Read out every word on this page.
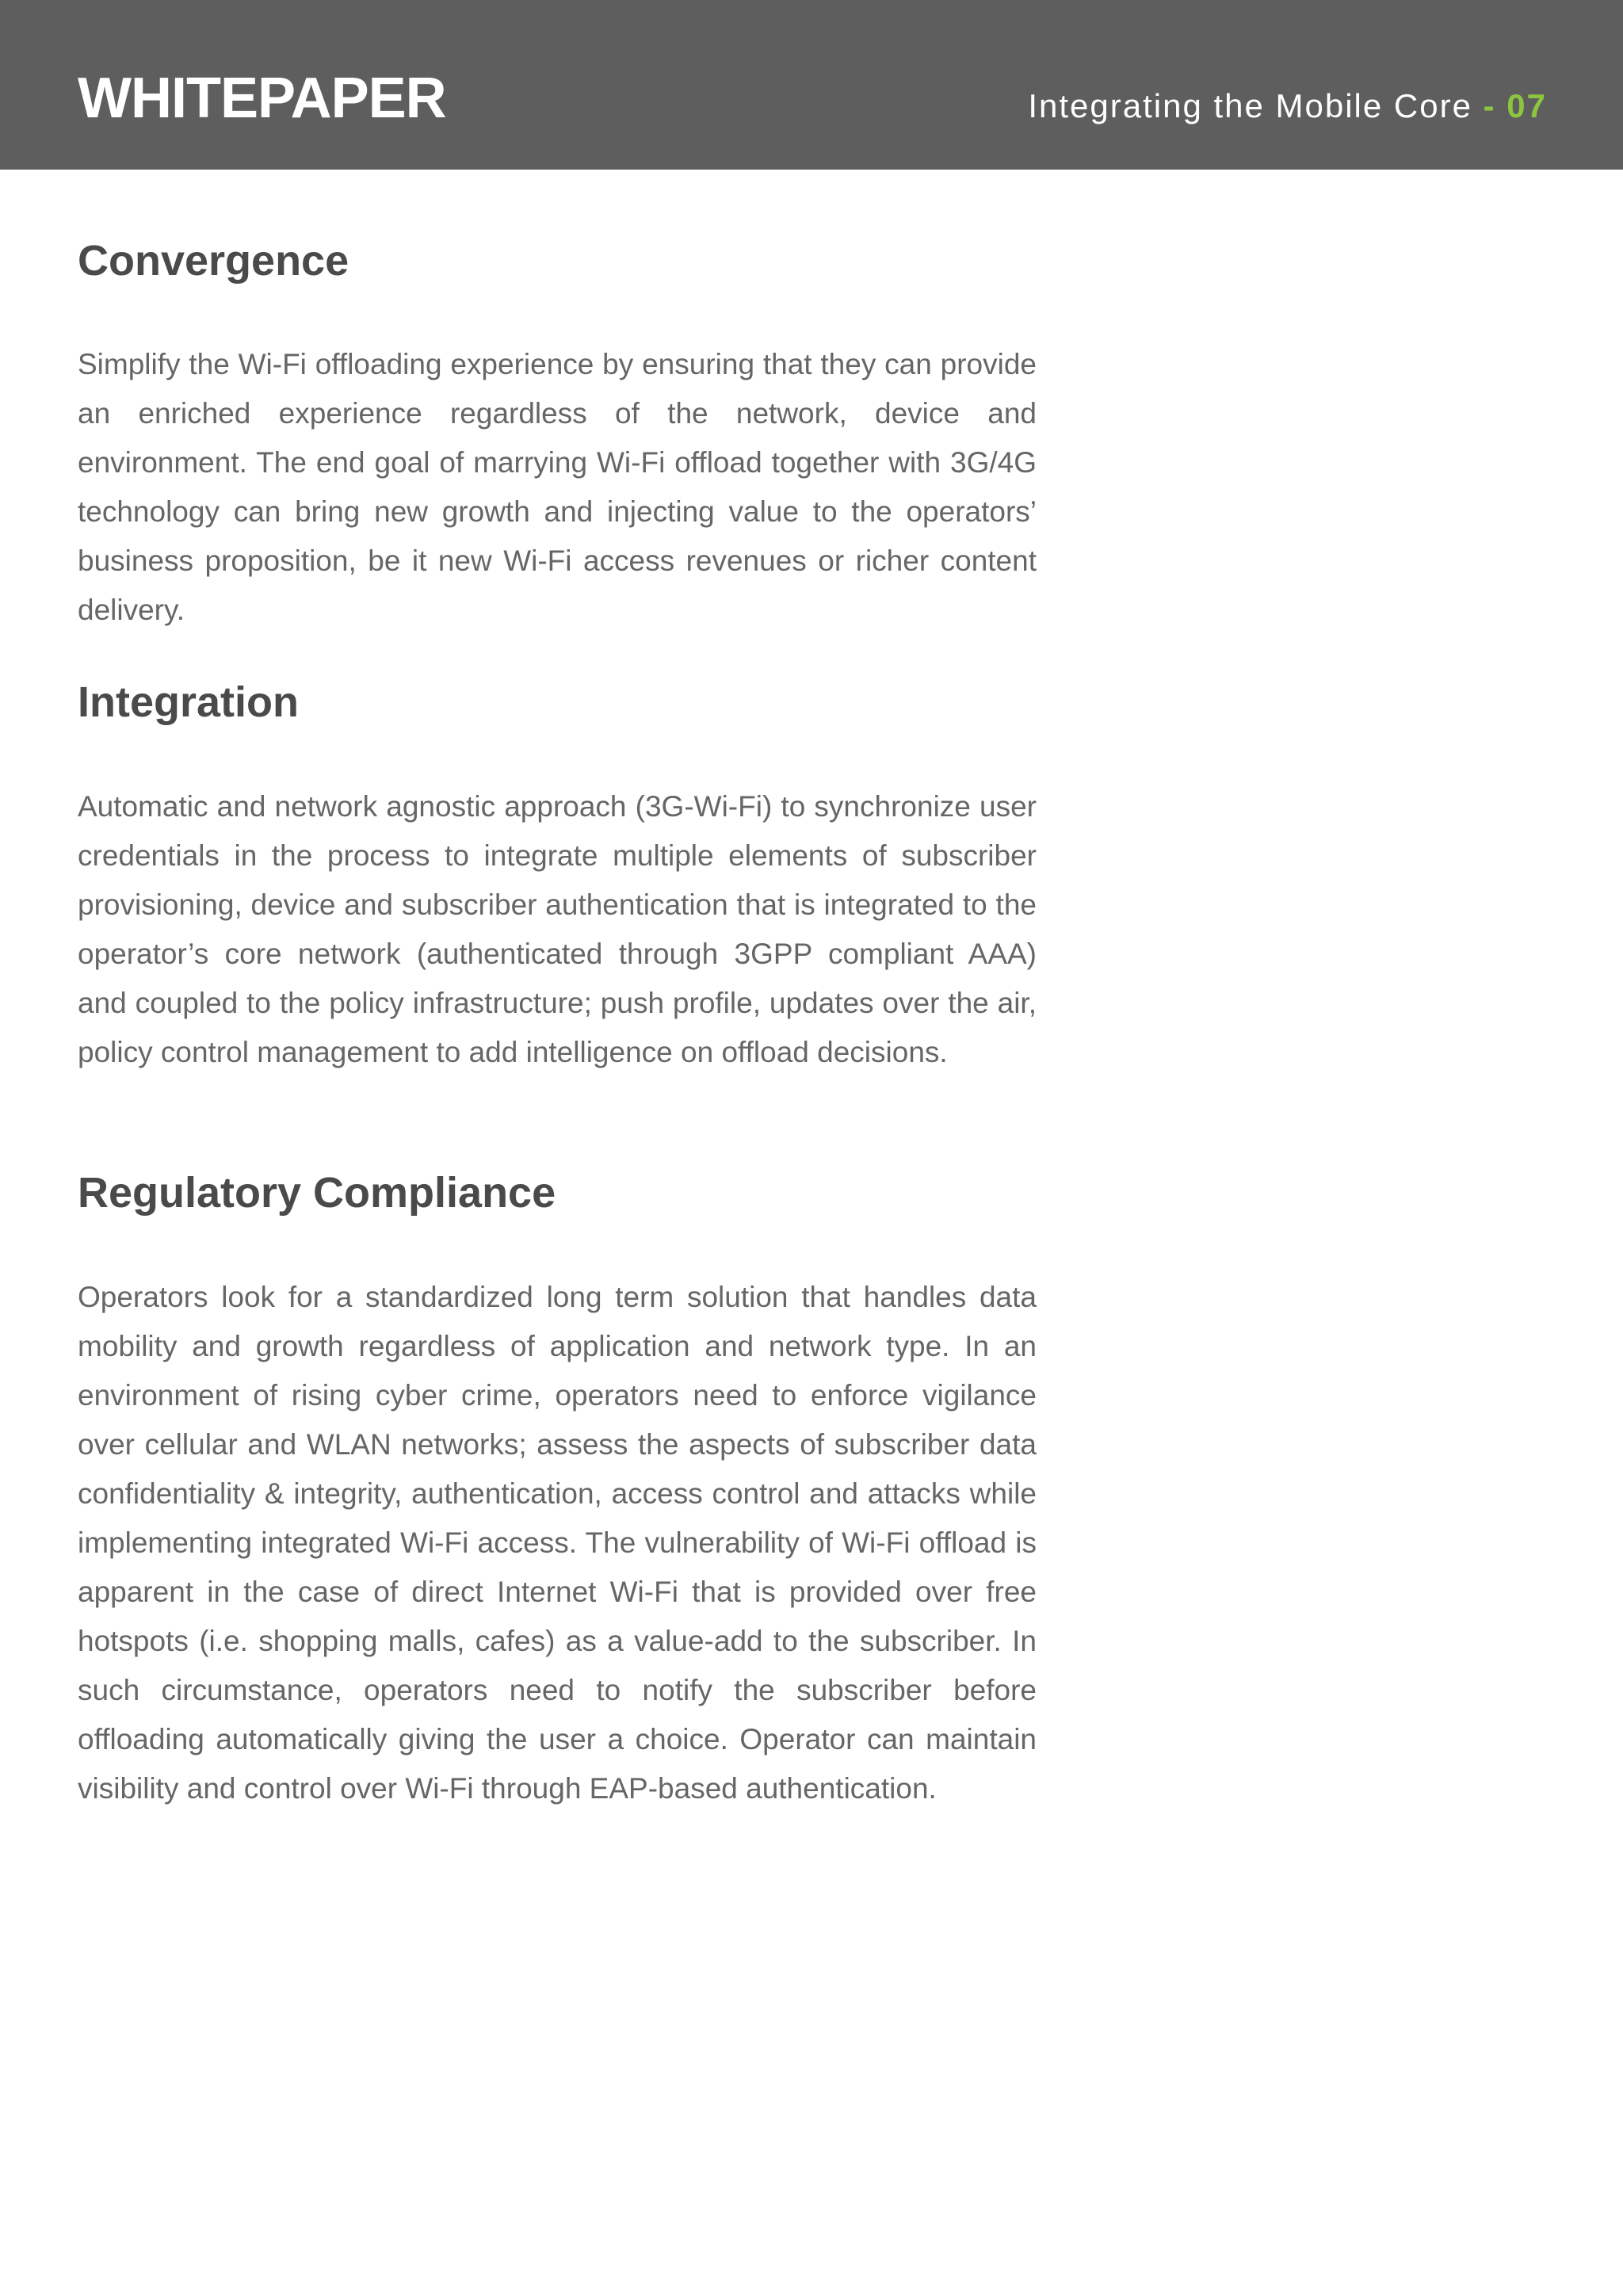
WHITEPAPER	Integrating the Mobile Core - 07
Convergence

Simplify the Wi-Fi offloading experience by ensuring that they can provide an enriched experience regardless of the network, device and environment. The end goal of marrying Wi-Fi offload together with 3G/4G technology can bring new growth and injecting value to the operators’ business proposition, be it new Wi-Fi access revenues or richer content delivery.

Integration

Automatic and network agnostic approach (3G-Wi-Fi) to synchronize user credentials in the process to integrate multiple elements of subscriber provisioning, device and subscriber authentication that is integrated to the operator’s core network (authenticated through 3GPP compliant AAA) and coupled to the policy infrastructure; push profile, updates over the air, policy control management to add intelligence on offload decisions.

Regulatory Compliance

Operators look for a standardized long term solution that handles data mobility and growth regardless of application and network type. In an environment of rising cyber crime, operators need to enforce vigilance over cellular and WLAN networks; assess the aspects of subscriber data confidentiality & integrity, authentication, access control and attacks while implementing integrated Wi-Fi access. The vulnerability of Wi-Fi offload is apparent in the case of direct Internet Wi-Fi that is provided over free hotspots (i.e. shopping malls, cafes) as a value-add to the subscriber. In such circumstance, operators need to notify the subscriber before offloading automatically giving the user a choice. Operator can maintain visibility and control over Wi-Fi through EAP-based authentication.
